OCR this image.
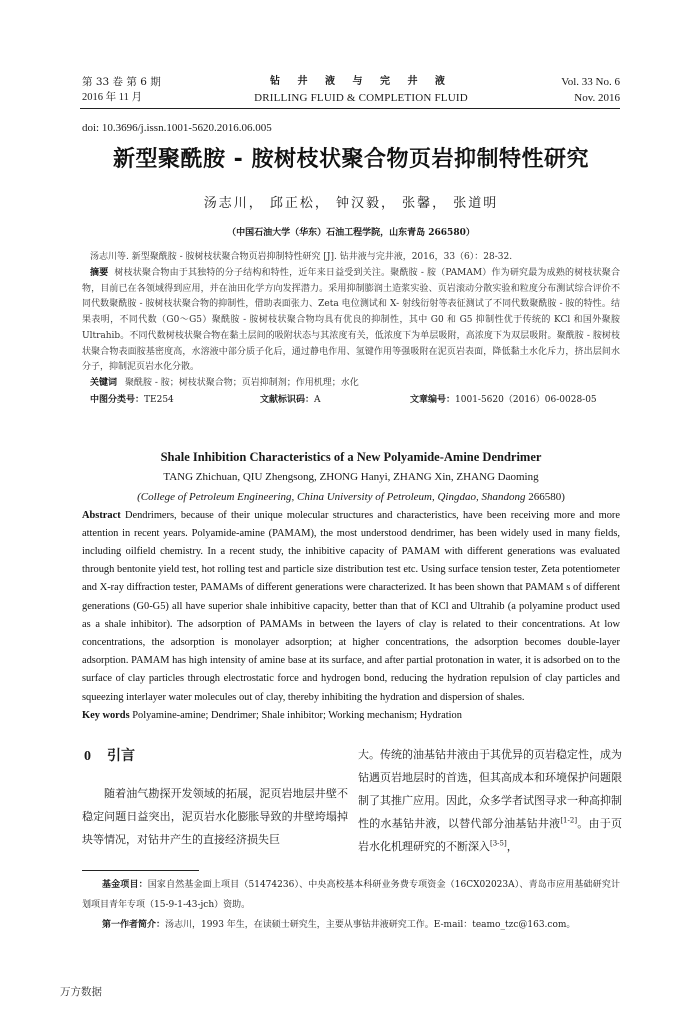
第 33 卷 第 6 期
2016 年 11 月
钻 井 液 与 完 井 液
DRILLING FLUID & COMPLETION FLUID
Vol. 33 No. 6
Nov. 2016
doi: 10.3696/j.issn.1001-5620.2016.06.005
新型聚酰胺 - 胺树枝状聚合物页岩抑制特性研究
汤志川， 邱正松， 钟汉毅， 张馨， 张道明
（中国石油大学（华东）石油工程学院，山东青岛 266580）
汤志川等. 新型聚酰胺 - 胺树枝状聚合物页岩抑制特性研究 [J]. 钻井液与完井液，2016，33（6）：28-32.
摘要 树枝状聚合物由于其独特的分子结构和特性，近年来日益受到关注。聚酰胺 - 胺（PAMAM）作为研究最为成熟的树枝状聚合物，目前已在各领域得到应用，并在油田化学方向发挥潜力。采用抑制膨润土造浆实验、页岩滚动分散实验和粒度分布测试综合评价不同代数聚酰胺 - 胺树枝状聚合物的抑制性，借助表面张力、Zeta 电位测试和 X- 射线衍射等表征测试了不同代数聚酰胺 - 胺的特性。结果表明，不同代数（G0～G5）聚酰胺 - 胺树枝状聚合物均具有优良的抑制性，其中 G0 和 G5 抑制性优于传统的 KCl 和国外聚胺 Ultrahib。不同代数树枝状聚合物在黏土层间的吸附状态与其浓度有关，低浓度下为单层吸附，高浓度下为双层吸附。聚酰胺 - 胺树枝状聚合物表面胺基密度高，水溶液中部分质子化后，通过静电作用、氢键作用等强吸附在泥页岩表面，降低黏土水化斥力，挤出层间水分子，抑制泥页岩水化分散。
关键词 聚酰胺 - 胺；树枝状聚合物；页岩抑制剂；作用机理；水化
中图分类号：TE254	文献标识码：A	文章编号：1001-5620（2016）06-0028-05
Shale Inhibition Characteristics of a New Polyamide-Amine Dendrimer
TANG Zhichuan, QIU Zhengsong, ZHONG Hanyi, ZHANG Xin, ZHANG Daoming
(College of Petroleum Engineering, China University of Petroleum, Qingdao, Shandong 266580)
Abstract Dendrimers, because of their unique molecular structures and characteristics, have been receiving more and more attention in recent years. Polyamide-amine (PAMAM), the most understood dendrimer, has been widely used in many fields, including oilfield chemistry. In a recent study, the inhibitive capacity of PAMAM with different generations was evaluated through bentonite yield test, hot rolling test and particle size distribution test etc. Using surface tension tester, Zeta potentiometer and X-ray diffraction tester, PAMAMs of different generations were characterized. It has been shown that PAMAM s of different generations (G0-G5) all have superior shale inhibitive capacity, better than that of KCl and Ultrahib (a polyamine product used as a shale inhibitor). The adsorption of PAMAMs in between the layers of clay is related to their concentrations. At low concentrations, the adsorption is monolayer adsorption; at higher concentrations, the adsorption becomes double-layer adsorption. PAMAM has high intensity of amine base at its surface, and after partial protonation in water, it is adsorbed on to the surface of clay particles through electrostatic force and hydrogen bond, reducing the hydration repulsion of clay particles and squeezing interlayer water molecules out of clay, thereby inhibiting the hydration and dispersion of shales.
Key words Polyamine-amine; Dendrimer; Shale inhibitor; Working mechanism; Hydration
0 引言

随着油气勘探开发领域的拓展，泥页岩地层井壁不稳定问题日益突出，泥页岩水化膨胀导致的井壁垮塌掉块等情况，对钻井产生的直接经济损失巨

大。传统的油基钻井液由于其优异的页岩稳定性，成为钻遇页岩地层时的首选，但其高成本和环境保护问题限制了其推广应用。因此，众多学者试图寻求一种高抑制性的水基钻井液，以替代部分油基钻井液[1-2]。由于页岩水化机理研究的不断深入[3-5]，

基金项目：国家自然基金面上项目（51474236）、中央高校基本科研业务费专项资金（16CX02023A）、青岛市应用基础研究计划项目青年专项（15-9-1-43-jch）资助。

第一作者简介：汤志川，1993 年生，在读硕士研究生，主要从事钻井液研究工作。E-mail：teamo_tzc@163.com。

万方数据
